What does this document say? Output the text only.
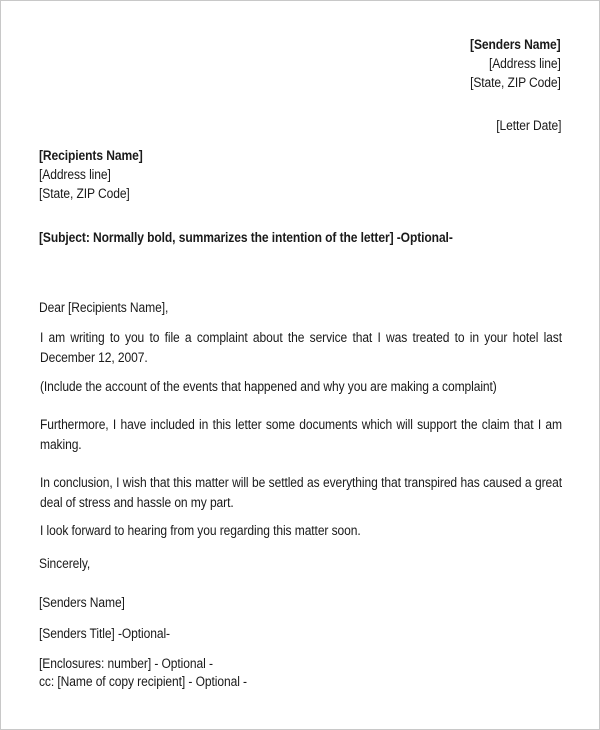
[Senders Name]
[Address line]
[State, ZIP Code]
[Letter Date]
[Recipients Name]
[Address line]
[State, ZIP Code]
[Subject: Normally bold, summarizes the intention of the letter] -Optional-
Dear [Recipients Name],
I am writing to you to file a complaint about the service that I was treated to in your hotel last December 12, 2007.
(Include the account of the events that happened and why you are making a complaint)
Furthermore, I have included in this letter some documents which will support the claim that I am making.
In conclusion, I wish that this matter will be settled as everything that transpired has caused a great deal of stress and hassle on my part.
I look forward to hearing from you regarding this matter soon.
Sincerely,
[Senders Name]
[Senders Title] -Optional-
[Enclosures: number] - Optional -
cc: [Name of copy recipient] - Optional -
